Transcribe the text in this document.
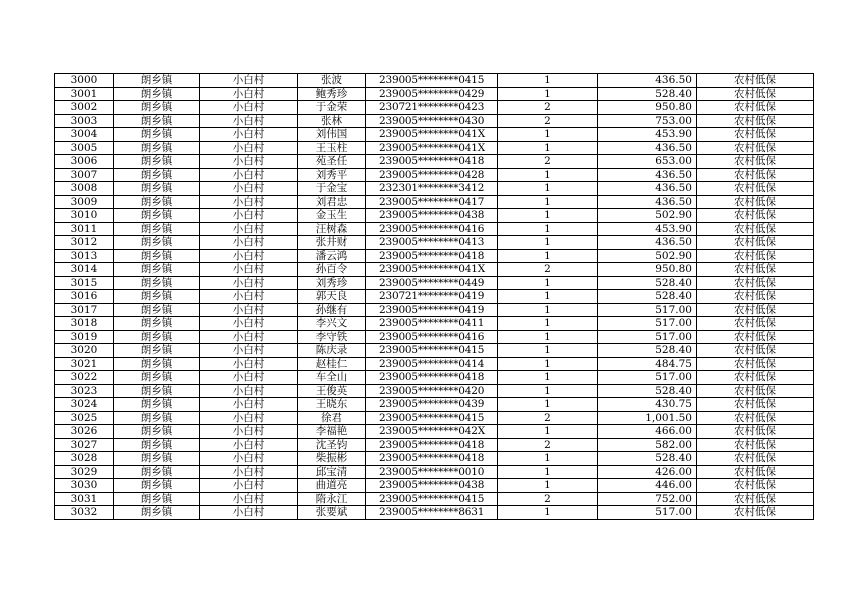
3000	朗乡镇	小白村	张波	239005********0415	1	436.50	农村低保
3001	朗乡镇	小白村	鲍秀珍	239005********0429	1	528.40	农村低保
3002	朗乡镇	小白村	于金荣	230721********0423	2	950.80	农村低保
3003	朗乡镇	小白村	张林	239005********0430	2	753.00	农村低保
3004	朗乡镇	小白村	刘伟国	239005********041X	1	453.90	农村低保
3005	朗乡镇	小白村	王玉柱	239005********041X	1	436.50	农村低保
3006	朗乡镇	小白村	苑圣任	239005********0418	2	653.00	农村低保
3007	朗乡镇	小白村	刘秀平	239005********0428	1	436.50	农村低保
3008	朗乡镇	小白村	于金宝	232301********3412	1	436.50	农村低保
3009	朗乡镇	小白村	刘君忠	239005********0417	1	436.50	农村低保
3010	朗乡镇	小白村	金玉生	239005********0438	1	502.90	农村低保
3011	朗乡镇	小白村	汪树森	239005********0416	1	453.90	农村低保
3012	朗乡镇	小白村	张井财	239005********0413	1	436.50	农村低保
3013	朗乡镇	小白村	潘云鸿	239005********0418	1	502.90	农村低保
3014	朗乡镇	小白村	孙百令	239005********041X	2	950.80	农村低保
3015	朗乡镇	小白村	刘秀珍	239005********0449	1	528.40	农村低保
3016	朗乡镇	小白村	郭天良	230721********0419	1	528.40	农村低保
3017	朗乡镇	小白村	孙继有	239005********0419	1	517.00	农村低保
3018	朗乡镇	小白村	李兴文	239005********0411	1	517.00	农村低保
3019	朗乡镇	小白村	李守铁	239005********0416	1	517.00	农村低保
3020	朗乡镇	小白村	陈庆录	239005********0415	1	528.40	农村低保
3021	朗乡镇	小白村	赵桂仁	239005********0414	1	484.75	农村低保
3022	朗乡镇	小白村	车全山	239005********0418	1	517.00	农村低保
3023	朗乡镇	小白村	王俊英	239005********0420	1	528.40	农村低保
3024	朗乡镇	小白村	王晓东	239005********0439	1	430.75	农村低保
3025	朗乡镇	小白村	徐君	239005********0415	2	1,001.50	农村低保
3026	朗乡镇	小白村	李福艳	239005********042X	1	466.00	农村低保
3027	朗乡镇	小白村	沈圣钧	239005********0418	2	582.00	农村低保
3028	朗乡镇	小白村	柴振彬	239005********0418	1	528.40	农村低保
3029	朗乡镇	小白村	邱宝清	239005********0010	1	426.00	农村低保
3030	朗乡镇	小白村	曲道亮	239005********0438	1	446.00	农村低保
3031	朗乡镇	小白村	隋永江	239005********0415	2	752.00	农村低保
3032	朗乡镇	小白村	张要斌	239005********8631	1	517.00	农村低保
